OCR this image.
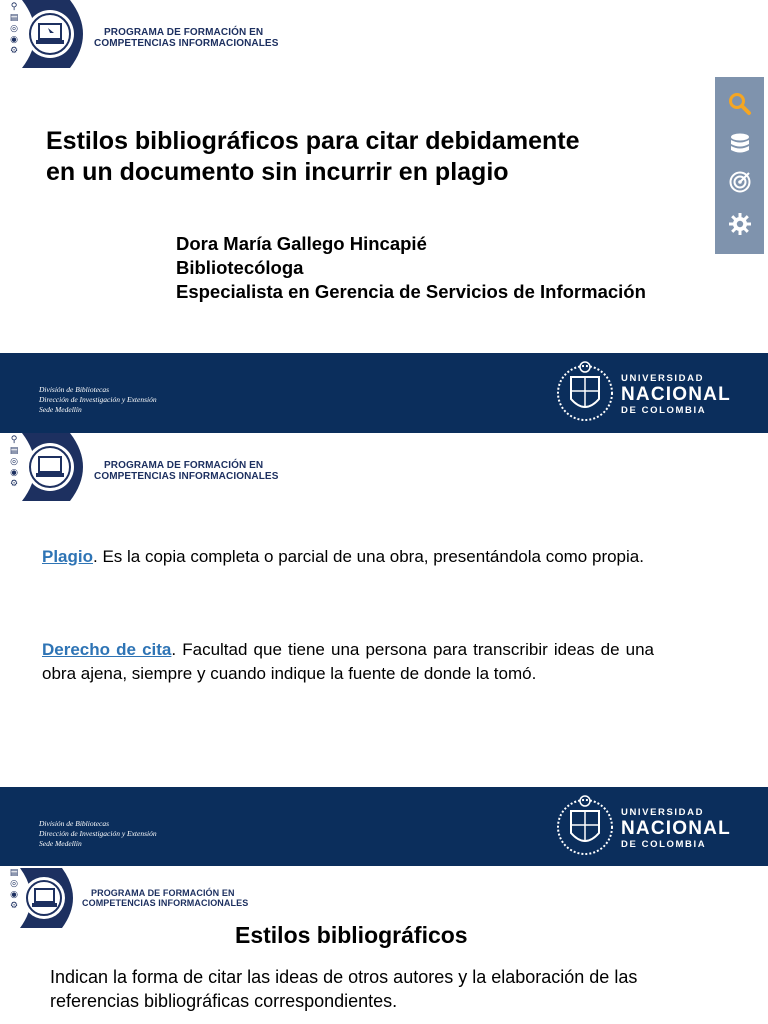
⚲
▤
◎
◉
⚙
PROGRAMA DE FORMACIÓN EN
COMPETENCIAS INFORMACIONALES
Estilos bibliográficos para citar debidamente
en un documento sin incurrir en plagio
Dora María Gallego Hincapié
Bibliotecóloga
Especialista en Gerencia de Servicios de Información
División de Bibliotecas
Dirección de Investigación y Extensión
Sede Medellín
UNIVERSIDAD
NACIONAL
DE COLOMBIA
⚲
▤
◎
◉
⚙
PROGRAMA DE FORMACIÓN EN
COMPETENCIAS INFORMACIONALES
Plagio. Es la copia completa o parcial de una obra, presentándola como propia.
Derecho de cita. Facultad que tiene una persona para transcribir ideas de una obra ajena, siempre y cuando indique la fuente de donde la tomó.
División de Bibliotecas
Dirección de Investigación y Extensión
Sede Medellín
UNIVERSIDAD
NACIONAL
DE COLOMBIA
▤
◎
◉
⚙
PROGRAMA DE FORMACIÓN EN
COMPETENCIAS INFORMACIONALES
Estilos bibliográficos
Indican la forma de citar las ideas de otros autores y la elaboración de las referencias bibliográficas correspondientes.
